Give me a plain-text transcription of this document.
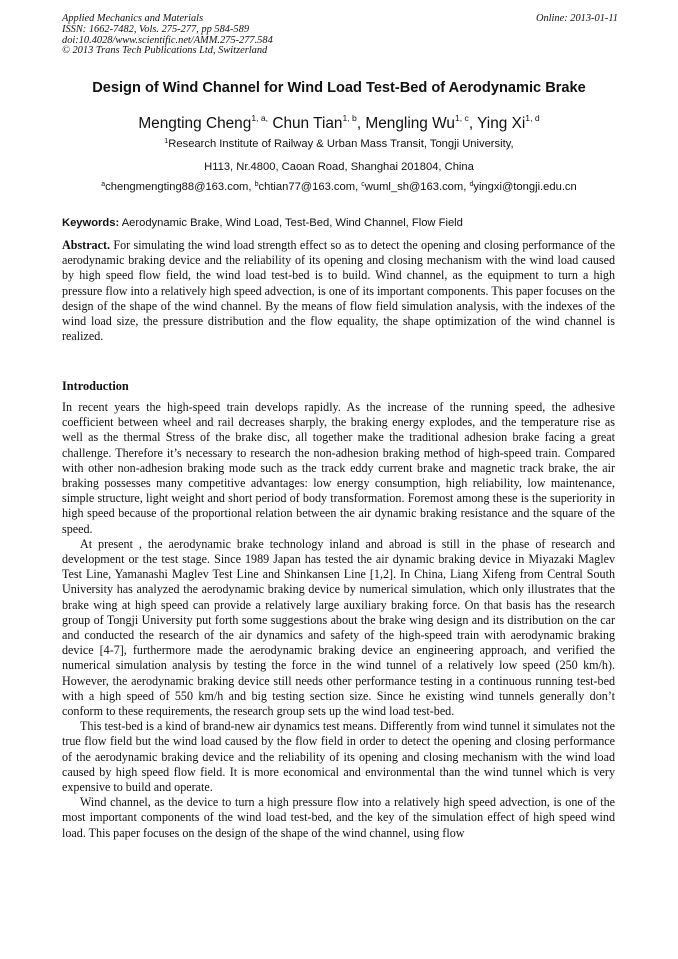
Applied Mechanics and Materials
ISSN: 1662-7482, Vols. 275-277, pp 584-589
doi:10.4028/www.scientific.net/AMM.275-277.584
© 2013 Trans Tech Publications Ltd, Switzerland
Online: 2013-01-11
Design of Wind Channel for Wind Load Test-Bed of Aerodynamic Brake
Mengting Cheng$^{1, a,}$ Chun Tian$^{1, b}$, Mengling Wu$^{1, c}$, Ying Xi$^{1, d}$
$^1$Research Institute of Railway & Urban Mass Transit, Tongji University,
H113, Nr.4800, Caoan Road, Shanghai 201804, China
$^a$chengmengting88@163.com, $^b$chtian77@163.com, $^c$wuml_sh@163.com, $^d$yingxi@tongji.edu.cn
Keywords: Aerodynamic Brake, Wind Load, Test-Bed, Wind Channel, Flow Field

Abstract. For simulating the wind load strength effect so as to detect the opening and closing performance of the aerodynamic braking device and the reliability of its opening and closing mechanism with the wind load caused by high speed flow field, the wind load test-bed is to build. Wind channel, as the equipment to turn a high pressure flow into a relatively high speed advection, is one of its important components. This paper focuses on the design of the shape of the wind channel. By the means of flow field simulation analysis, with the indexes of the wind load size, the pressure distribution and the flow equality, the shape optimization of the wind channel is realized.

Introduction

In recent years the high-speed train develops rapidly. As the increase of the running speed, the adhesive coefficient between wheel and rail decreases sharply, the braking energy explodes, and the temperature rise as well as the thermal Stress of the brake disc, all together make the traditional adhesion brake facing a great challenge. Therefore it’s necessary to research the non-adhesion braking method of high-speed train. Compared with other non-adhesion braking mode such as the track eddy current brake and magnetic track brake, the air braking possesses many competitive advantages: low energy consumption, high reliability, low maintenance, simple structure, light weight and short period of body transformation. Foremost among these is the superiority in high speed because of the proportional relation between the air dynamic braking resistance and the square of the speed.

At present , the aerodynamic brake technology inland and abroad is still in the phase of research and development or the test stage. Since 1989 Japan has tested the air dynamic braking device in Miyazaki Maglev Test Line, Yamanashi Maglev Test Line and Shinkansen Line [1,2]. In China, Liang Xifeng from Central South University has analyzed the aerodynamic braking device by numerical simulation, which only illustrates that the brake wing at high speed can provide a relatively large auxiliary braking force. On that basis has the research group of Tongji University put forth some suggestions about the brake wing design and its distribution on the car and conducted the research of the air dynamics and safety of the high-speed train with aerodynamic braking device [4-7], furthermore made the aerodynamic braking device an engineering approach, and verified the numerical simulation analysis by testing the force in the wind tunnel of a relatively low speed (250 km/h). However, the aerodynamic braking device still needs other performance testing in a continuous running test-bed with a high speed of 550 km/h and big testing section size. Since he existing wind tunnels generally don’t conform to these requirements, the research group sets up the wind load test-bed.

This test-bed is a kind of brand-new air dynamics test means. Differently from wind tunnel it simulates not the true flow field but the wind load caused by the flow field in order to detect the opening and closing performance of the aerodynamic braking device and the reliability of its opening and closing mechanism with the wind load caused by high speed flow field. It is more economical and environmental than the wind tunnel which is very expensive to build and operate.

Wind channel, as the device to turn a high pressure flow into a relatively high speed advection, is one of the most important components of the wind load test-bed, and the key of the simulation effect of high speed wind load. This paper focuses on the design of the shape of the wind channel, using flow
